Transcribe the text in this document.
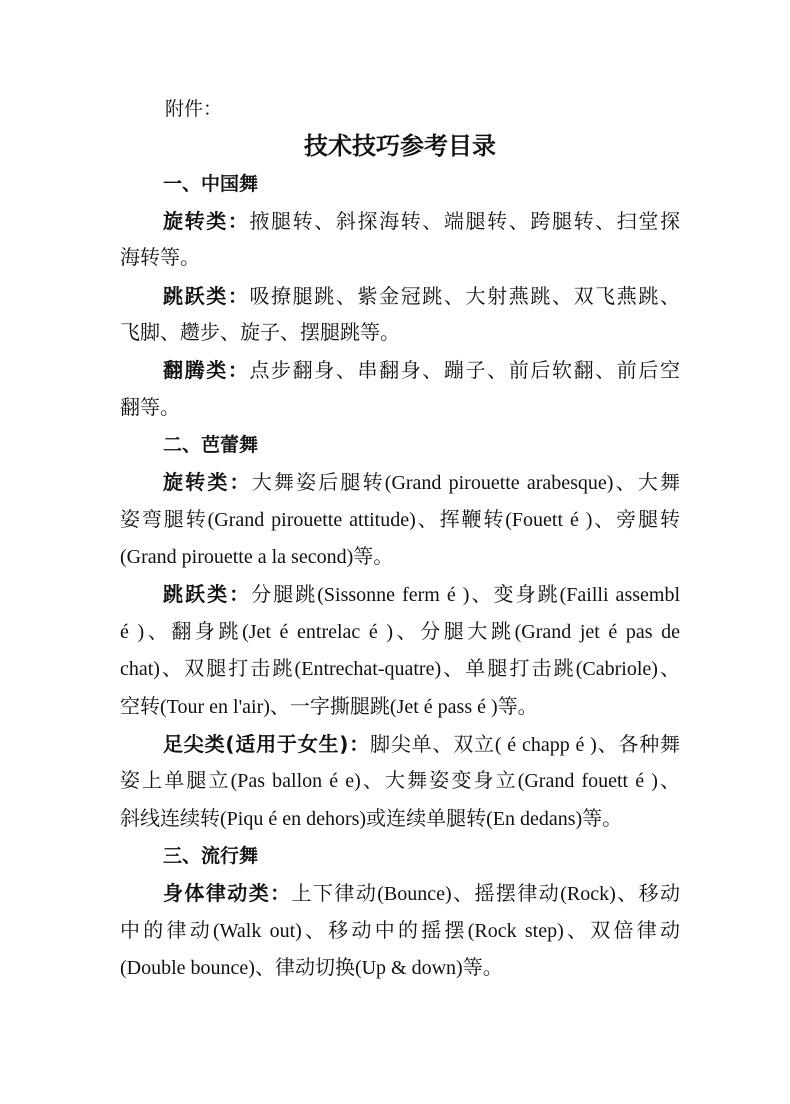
附件：
技术技巧参考目录
一、中国舞
旋转类：掖腿转、斜探海转、端腿转、跨腿转、扫堂探
海转等。
跳跃类：吸撩腿跳、紫金冠跳、大射燕跳、双飞燕跳、
飞脚、趱步、旋子、摆腿跳等。
翻腾类：点步翻身、串翻身、蹦子、前后软翻、前后空
翻等。
二、芭蕾舞
旋转类：大舞姿后腿转(Grand pirouette arabesque)、大舞
姿弯腿转(Grand pirouette attitude)、挥鞭转(Fouett é )、旁腿转
(Grand pirouette a la second)等。
跳跃类：分腿跳(Sissonne ferm é )、变身跳(Failli assembl
é )、翻身跳(Jet é entrelac é )、分腿大跳(Grand jet é pas de
chat)、双腿打击跳(Entrechat-quatre)、单腿打击跳(Cabriole)、
空转(Tour en l'air)、一字撕腿跳(Jet é pass é )等。
足尖类(适用于女生)：脚尖单、双立( é chapp é )、各种舞
姿上单腿立(Pas ballon é e)、大舞姿变身立(Grand fouett é )、
斜线连续转(Piqu é en dehors)或连续单腿转(En dedans)等。
三、流行舞
身体律动类：上下律动(Bounce)、摇摆律动(Rock)、移动
中的律动(Walk out)、移动中的摇摆(Rock step)、双倍律动
(Double bounce)、律动切换(Up & down)等。
